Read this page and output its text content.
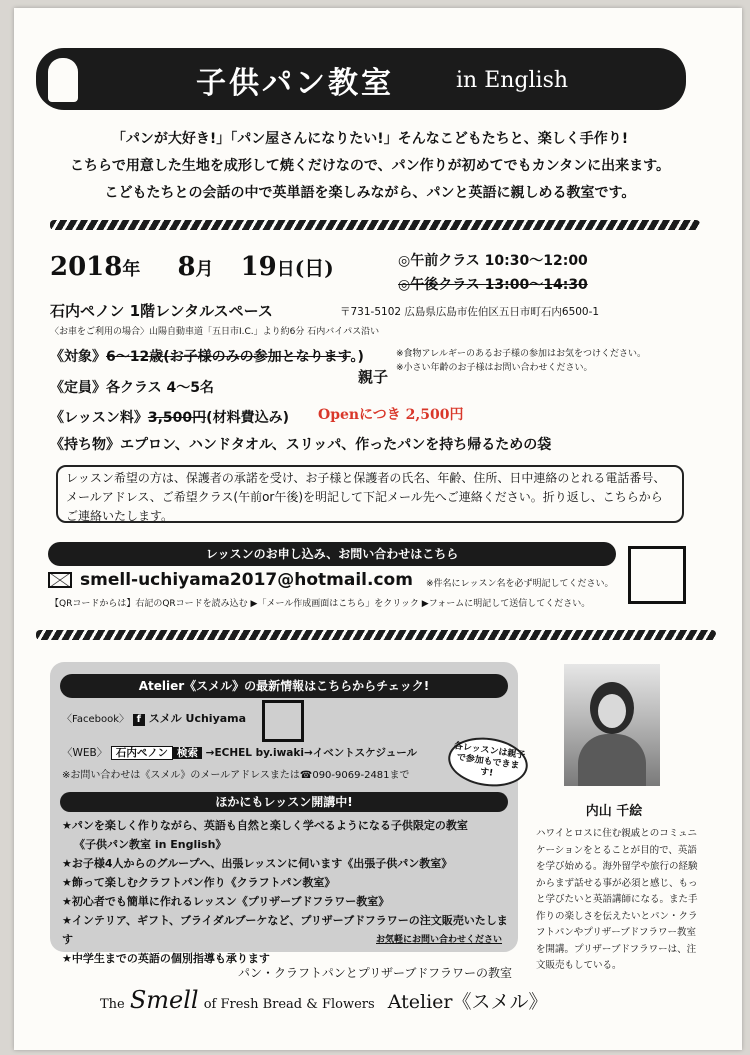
子供パン教室	in English
「パンが大好き!」「パン屋さんになりたい!」そんなこどもたちと、楽しく手作り!
こちらで用意した生地を成形して焼くだけなので、パン作りが初めてでもカンタンに出来ます。
こどもたちとの会話の中で英単語を楽しみながら、パンと英語に親しめる教室です。
2018年 8月 19日(日)	◎午前クラス 10:30〜12:00
◎午後クラス 13:00〜14:30
石内ペノン 1階レンタルスペース	〒731-5102 広島県広島市佐伯区五日市町石内6500-1
〈お車をご利用の場合〉山陽自動車道「五日市I.C.」より約6分 石内バイパス沿い
《対象》6〜12歳(お子様のみの参加となります。)
親子
※食物アレルギーのあるお子様の参加はお気をつけください。
※小さい年齢のお子様はお問い合わせください。
《定員》各クラス 4〜5名
《レッスン料》3,500円(材料費込み) Openにつき 2,500円
《持ち物》エプロン、ハンドタオル、スリッパ、作ったパンを持ち帰るための袋
レッスン希望の方は、保護者の承諾を受け、お子様と保護者の氏名、年齢、住所、日中連絡のとれる電話番号、メールアドレス、ご希望クラス(午前or午後)を明記して下記メール先へご連絡ください。折り返し、こちらからご連絡いたします。
レッスンのお申し込み、お問い合わせはこちら
smell-uchiyama2017@hotmail.com ※件名にレッスン名を必ず明記してください。
【QRコードからは】右記のQRコードを読み込む ▶「メール作成画面はこちら」をクリック ▶フォームに明記して送信してください。
Atelier《スメル》の最新情報はこちらからチェック!
〈Facebook〉 f スメル Uchiyama
〈WEB〉 石内ペノン 検索 →ECHEL by.iwaki→イベントスケジュール
※お問い合わせは《スメル》のメールアドレスまたは☎090-9069-2481まで
各レッスンは親子で参加もできます!
ほかにもレッスン開講中!
★パンを楽しく作りながら、英語も自然と楽しく学べるようになる子供限定の教室
《子供パン教室 in English》
★お子様4人からのグループへ、出張レッスンに伺います《出張子供パン教室》
★飾って楽しむクラフトパン作り《クラフトパン教室》
★初心者でも簡単に作れるレッスン《プリザーブドフラワー教室》
★インテリア、ギフト、ブライダルブーケなど、プリザーブドフラワーの注文販売いたします
★中学生までの英語の個別指導も承ります
お気軽にお問い合わせください
内山 千絵
ハワイとロスに住む親戚とのコミュニケーションをとることが目的で、英語を学び始める。海外留学や旅行の経験からまず話せる事が必須と感じ、もっと学びたいと英語講師になる。また手作りの楽しさを伝えたいとパン・クラフトパンやプリザーブドフラワー教室を開講。プリザーブドフラワーは、注文販売もしている。
パン・クラフトパンとプリザーブドフラワーの教室
The Smell of Fresh Bread & Flowers Atelier《スメル》
